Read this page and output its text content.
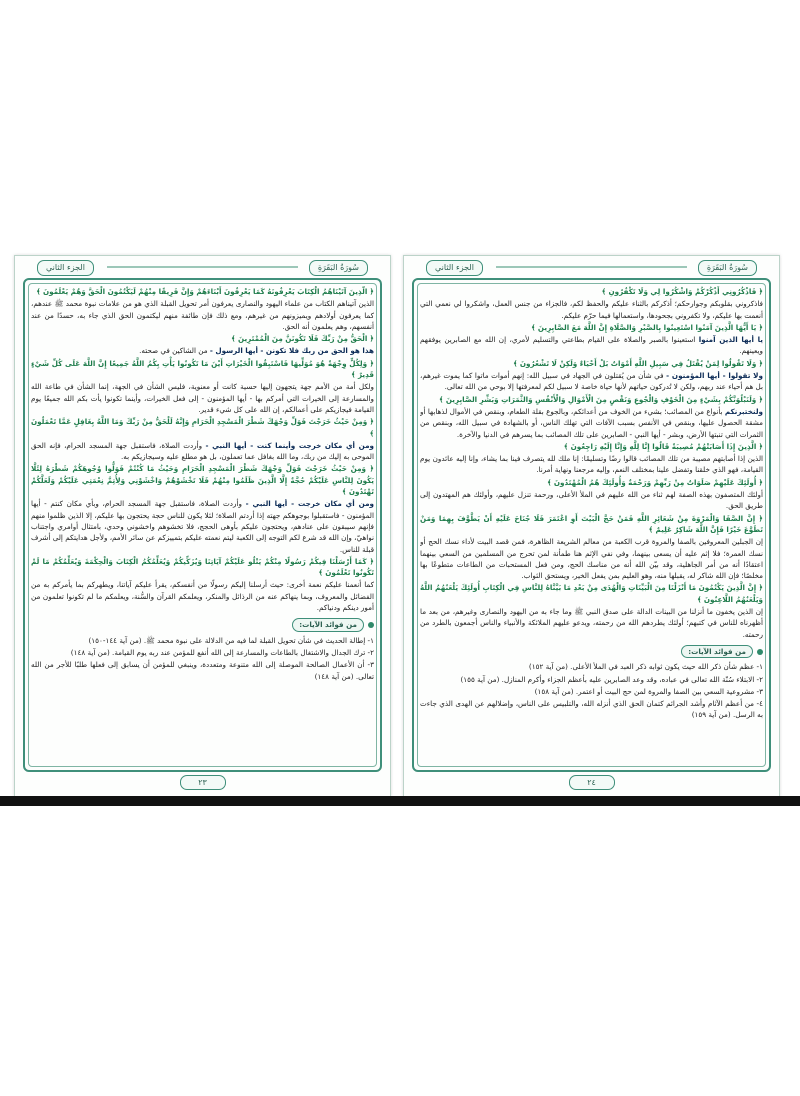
سُورَةُ البَقَرَةِ
الجزء الثاني

﴿ فَاذْكُرُونِي أَذْكُرْكُمْ وَاشْكُرُوا لِي وَلَا تَكْفُرُونِ ﴾

فاذكروني بقلوبكم وجوارحكم؛ أذكركم بالثناء عليكم والحفظ لكم، فالجزاء من جنس العمل، واشكروا لي نعمي التي أنعمت بها عليكم، ولا تكفروني بجحودها، واستعمالها فيما حرّم عليكم.

﴿ يَا أَيُّهَا الَّذِينَ آمَنُوا اسْتَعِينُوا بِالصَّبْرِ وَالصَّلَاةِ إِنَّ اللَّهَ مَعَ الصَّابِرِينَ ﴾

يا أيها الذين آمنوا استعينوا بالصبر والصلاة على القيام بطاعتي والتسليم لأمري، إن الله مع الصابرين يوفقهم ويعينهم.

﴿ وَلَا تَقُولُوا لِمَنْ يُقْتَلُ فِي سَبِيلِ اللَّهِ أَمْوَاتٌ بَلْ أَحْيَاءٌ وَلَكِنْ لَا تَشْعُرُونَ ﴾

ولا تقولوا - أيها المؤمنون - في شأن من يُقتلون في الجهاد في سبيل الله: إنهم أموات ماتوا كما يموت غيرهم، بل هم أحياء عند ربهم، ولكن لا تُدركون حياتهم لأنها حياة خاصة لا سبيل لكم لمعرفتها إلا بوحي من الله تعالى.

﴿ وَلَنَبْلُوَنَّكُمْ بِشَيْءٍ مِنَ الْخَوْفِ وَالْجُوعِ وَنَقْصٍ مِنَ الْأَمْوَالِ وَالْأَنْفُسِ وَالثَّمَرَاتِ وَبَشِّرِ الصَّابِرِينَ ﴾

ولنختبرنكم بأنواع من المصائب؛ بشيء من الخوف من أعدائكم، وبالجوع بقلة الطعام، وبنقص في الأموال لذهابها أو مشقة الحصول عليها، وبنقص في الأنفس بسبب الآفات التي تهلك الناس، أو بالشهادة في سبيل الله، وبنقص من الثمرات التي تنبتها الأرض، وبشر - أيها النبي - الصابرين على تلك المصائب بما يسرهم في الدنيا والآخرة.

﴿ الَّذِينَ إِذَا أَصَابَتْهُمْ مُصِيبَةٌ قَالُوا إِنَّا لِلَّهِ وَإِنَّا إِلَيْهِ رَاجِعُونَ ﴾

الذين إذا أصابتهم مصيبة من تلك المصائب قالوا رضًا وتسليمًا: إنا ملك لله يتصرف فينا بما يشاء، وإنا إليه عائدون يوم القيامة، فهو الذي خلقنا وتفضل علينا بمختلف النعم، وإليه مرجعنا ونهاية أمرنا.

﴿ أُولَئِكَ عَلَيْهِمْ صَلَوَاتٌ مِنْ رَبِّهِمْ وَرَحْمَةٌ وَأُولَئِكَ هُمُ الْمُهْتَدُونَ ﴾

أولئك المتصفون بهذه الصفة لهم ثناء من الله عليهم في الملأ الأعلى، ورحمة تنزل عليهم، وأولئك هم المهتدون إلى طريق الحق.

﴿ إِنَّ الصَّفَا وَالْمَرْوَةَ مِنْ شَعَائِرِ اللَّهِ فَمَنْ حَجَّ الْبَيْتَ أَوِ اعْتَمَرَ فَلَا جُنَاحَ عَلَيْهِ أَنْ يَطَّوَّفَ بِهِمَا وَمَنْ تَطَوَّعَ خَيْرًا فَإِنَّ اللَّهَ شَاكِرٌ عَلِيمٌ ﴾

إن الجبلين المعروفين بالصفا والمروة قرب الكعبة من معالم الشريعة الظاهرة، فمن قصد البيت لأداء نسك الحج أو نسك العمرة؛ فلا إثم عليه أن يسعى بينهما، وفي نفي الإثم هنا طمأنة لمن تحرج من المسلمين من السعي بينهما اعتقادًا أنه من أمر الجاهلية، وقد بيّن الله أنه من مناسك الحج، ومن فعل المستحبات من الطاعات متطوعًا بها مخلصًا؛ فإن الله شاكر له، يقبلها منه، وهو العليم بمن يفعل الخير، ويستحق الثواب.

﴿ إِنَّ الَّذِينَ يَكْتُمُونَ مَا أَنْزَلْنَا مِنَ الْبَيِّنَاتِ وَالْهُدَى مِنْ بَعْدِ مَا بَيَّنَّاهُ لِلنَّاسِ فِي الْكِتَابِ أُولَئِكَ يَلْعَنُهُمُ اللَّهُ وَيَلْعَنُهُمُ اللَّاعِنُونَ ﴾

إن الذين يخفون ما أنزلنا من البينات الدالة على صدق النبي ﷺ وما جاء به من اليهود والنصارى وغيرهم، من بعد ما أظهرناه للناس في كتبهم؛ أولئك يطردهم الله من رحمته، ويدعو عليهم الملائكة والأنبياء والناس أجمعون بالطرد من رحمته.

من فوائد الآيات:

١- عظم شأن ذكر الله حيث يكون ثوابه ذكر العبد في الملأ الأعلى. (من آية ١٥٢)

٢- الابتلاء سُنّة الله تعالى في عباده، وقد وعد الصابرين عليه بأعظم الجزاء وأكرم المنازل. (من آية ١٥٥)

٣- مشروعية السعي بين الصفا والمروة لمن حج البيت أو اعتمر. (من آية ١٥٨)

٤- من أعظم الآثام وأشد الجرائم كتمان الحق الذي أنزله الله، والتلبيس على الناس، وإضلالهم عن الهدى الذي جاءت به الرسل. (من آية ١٥٩)

٢٤
سُورَةُ البَقَرَةِ
الجزء الثاني

﴿ الَّذِينَ آتَيْنَاهُمُ الْكِتَابَ يَعْرِفُونَهُ كَمَا يَعْرِفُونَ أَبْنَاءَهُمْ وَإِنَّ فَرِيقًا مِنْهُمْ لَيَكْتُمُونَ الْحَقَّ وَهُمْ يَعْلَمُونَ ﴾

الذين آتيناهم الكتاب من علماء اليهود والنصارى يعرفون أمر تحويل القبلة الذي هو من علامات نبوة محمد ﷺ عندهم، كما يعرفون أولادهم ويميزونهم من غيرهم، ومع ذلك فإن طائفة منهم ليكتمون الحق الذي جاء به، حسدًا من عند أنفسهم، وهم يعلمون أنه الحق.

﴿ الْحَقُّ مِنْ رَبِّكَ فَلَا تَكُونَنَّ مِنَ الْمُمْتَرِينَ ﴾

هذا هو الحق من ربك فلا تكونن - أيها الرسول - من الشاكين في صحته.

﴿ وَلِكُلٍّ وِجْهَةٌ هُوَ مُوَلِّيهَا فَاسْتَبِقُوا الْخَيْرَاتِ أَيْنَ مَا تَكُونُوا يَأْتِ بِكُمُ اللَّهُ جَمِيعًا إِنَّ اللَّهَ عَلَى كُلِّ شَيْءٍ قَدِيرٌ ﴾

ولكل أمة من الأمم جهة يتجهون إليها حسية كانت أو معنوية، فليس الشأن في الجهة، إنما الشأن في طاعة الله والمسارعة إلى الخيرات التي أمركم بها - أيها المؤمنون - إلى فعل الخيرات، وأينما تكونوا يأت بكم الله جميعًا يوم القيامة فيجازيكم على أعمالكم، إن الله على كل شيء قدير.

﴿ وَمِنْ حَيْثُ خَرَجْتَ فَوَلِّ وَجْهَكَ شَطْرَ الْمَسْجِدِ الْحَرَامِ وَإِنَّهُ لَلْحَقُّ مِنْ رَبِّكَ وَمَا اللَّهُ بِغَافِلٍ عَمَّا تَعْمَلُونَ ﴾

ومن أي مكان خرجت وأينما كنت - أيها النبي - وأردت الصلاة، فاستقبل جهة المسجد الحرام، فإنه الحق الموحى به إليك من ربك، وما الله بغافل عما تعملون، بل هو مطلع عليه وسيجازيكم به.

﴿ وَمِنْ حَيْثُ خَرَجْتَ فَوَلِّ وَجْهَكَ شَطْرَ الْمَسْجِدِ الْحَرَامِ وَحَيْثُ مَا كُنْتُمْ فَوَلُّوا وُجُوهَكُمْ شَطْرَهُ لِئَلَّا يَكُونَ لِلنَّاسِ عَلَيْكُمْ حُجَّةٌ إِلَّا الَّذِينَ ظَلَمُوا مِنْهُمْ فَلَا تَخْشَوْهُمْ وَاخْشَوْنِي وَلِأُتِمَّ نِعْمَتِي عَلَيْكُمْ وَلَعَلَّكُمْ تَهْتَدُونَ ﴾

ومن أي مكان خرجت - أيها النبي - وأردت الصلاة، فاستقبل جهة المسجد الحرام، وبأي مكان كنتم - أيها المؤمنون - فاستقبلوا بوجوهكم جهته إذا أردتم الصلاة؛ لئلا يكون للناس حجة يحتجون بها عليكم، إلا الذين ظلموا منهم فإنهم سيبقون على عنادهم، ويحتجون عليكم بأوهى الحجج، فلا تخشوهم واخشوني وحدي، بامتثال أوامري واجتناب نواهيّ، وإن الله قد شرع لكم التوجه إلى الكعبة ليتم نعمته عليكم بتمييزكم عن سائر الأمم، ولأجل هدايتكم إلى أشرف قبلة للناس.

﴿ كَمَا أَرْسَلْنَا فِيكُمْ رَسُولًا مِنْكُمْ يَتْلُو عَلَيْكُمْ آيَاتِنَا وَيُزَكِّيكُمْ وَيُعَلِّمُكُمُ الْكِتَابَ وَالْحِكْمَةَ وَيُعَلِّمُكُمْ مَا لَمْ تَكُونُوا تَعْلَمُونَ ﴾

كما أنعمنا عليكم نعمة أخرى: حيث أرسلنا إليكم رسولًا من أنفسكم، يقرأ عليكم آياتنا، ويطهركم بما يأمركم به من الفضائل والمعروف، وبما ينهاكم عنه من الرذائل والمنكر، ويعلمكم القرآن والسُّنة، ويعلمكم ما لم تكونوا تعلمون من أمور دينكم ودنياكم.

من فوائد الآيات:

١- إطالة الحديث في شأن تحويل القبلة لما فيه من الدلالة على نبوة محمد ﷺ. (من آية ١٤٤-١٥٠)

٢- ترك الجدال والاشتغال بالطاعات والمسارعة إلى الله أنفع للمؤمن عند ربه يوم القيامة. (من آية ١٤٨)

٣- أن الأعمال الصالحة الموصلة إلى الله متنوعة ومتعددة، وينبغي للمؤمن أن يسابق إلى فعلها طلبًا للأجر من الله تعالى. (من آية ١٤٨)

٢٣
